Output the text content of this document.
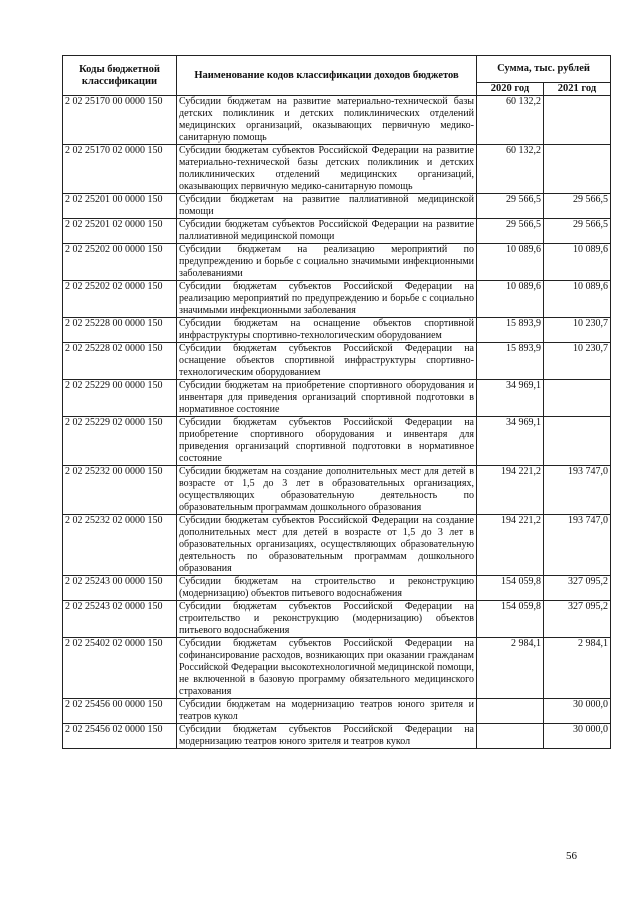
Коды бюджетной классификации	Наименование кодов классификации доходов бюджетов	Сумма, тыс. рублей	
		2020 год	2021 год
2 02 25170 00 0000 150	Субсидии бюджетам на развитие материально-технической базы детских поликлиник и детских поликлинических отделений медицинских организаций, оказывающих первичную медико-санитарную помощь	60 132,2	
2 02 25170 02 0000 150	Субсидии бюджетам субъектов Российской Федерации на развитие материально-технической базы детских поликлиник и детских поликлинических отделений медицинских организаций, оказывающих первичную медико-санитарную помощь	60 132,2	
2 02 25201 00 0000 150	Субсидии бюджетам на развитие паллиативной медицинской помощи	29 566,5	29 566,5
2 02 25201 02 0000 150	Субсидии бюджетам субъектов Российской Федерации на развитие паллиативной медицинской помощи	29 566,5	29 566,5
2 02 25202 00 0000 150	Субсидии бюджетам на реализацию мероприятий по предупреждению и борьбе с социально значимыми инфекционными заболеваниями	10 089,6	10 089,6
2 02 25202 02 0000 150	Субсидии бюджетам субъектов Российской Федерации на реализацию мероприятий по предупреждению и борьбе с социально значимыми инфекционными заболевания	10 089,6	10 089,6
2 02 25228 00 0000 150	Субсидии бюджетам на оснащение объектов спортивной инфраструктуры спортивно-технологическим оборудованием	15 893,9	10 230,7
2 02 25228 02 0000 150	Субсидии бюджетам субъектов Российской Федерации на оснащение объектов спортивной инфраструктуры спортивно-технологическим оборудованием	15 893,9	10 230,7
2 02 25229 00 0000 150	Субсидии бюджетам на приобретение спортивного оборудования и инвентаря для приведения организаций спортивной подготовки в нормативное состояние	34 969,1	
2 02 25229 02 0000 150	Субсидии бюджетам субъектов Российской Федерации на приобретение спортивного оборудования и инвентаря для приведения организаций спортивной подготовки в нормативное состояние	34 969,1	
2 02 25232 00 0000 150	Субсидии бюджетам на создание дополнительных мест для детей в возрасте от 1,5 до 3 лет в образовательных организациях, осуществляющих образовательную деятельность по образовательным программам дошкольного образования	194 221,2	193 747,0
2 02 25232 02 0000 150	Субсидии бюджетам субъектов Российской Федерации на создание дополнительных мест для детей в возрасте от 1,5 до 3 лет в образовательных организациях, осуществляющих образовательную деятельность по образовательным программам дошкольного образования	194 221,2	193 747,0
2 02 25243 00 0000 150	Субсидии бюджетам на строительство и реконструкцию (модернизацию) объектов питьевого водоснабжения	154 059,8	327 095,2
2 02 25243 02 0000 150	Субсидии бюджетам субъектов Российской Федерации на строительство и реконструкцию (модернизацию) объектов питьевого водоснабжения	154 059,8	327 095,2
2 02 25402 02 0000 150	Субсидии бюджетам субъектов Российской Федерации на софинансирование расходов, возникающих при оказании гражданам Российской Федерации высокотехнологичной медицинской помощи, не включенной в базовую программу обязательного медицинского страхования	2 984,1	2 984,1
2 02 25456 00 0000 150	Субсидии бюджетам на модернизацию театров юного зрителя и театров кукол		30 000,0
2 02 25456 02 0000 150	Субсидии бюджетам субъектов Российской Федерации на модернизацию театров юного зрителя и театров кукол		30 000,0
56
